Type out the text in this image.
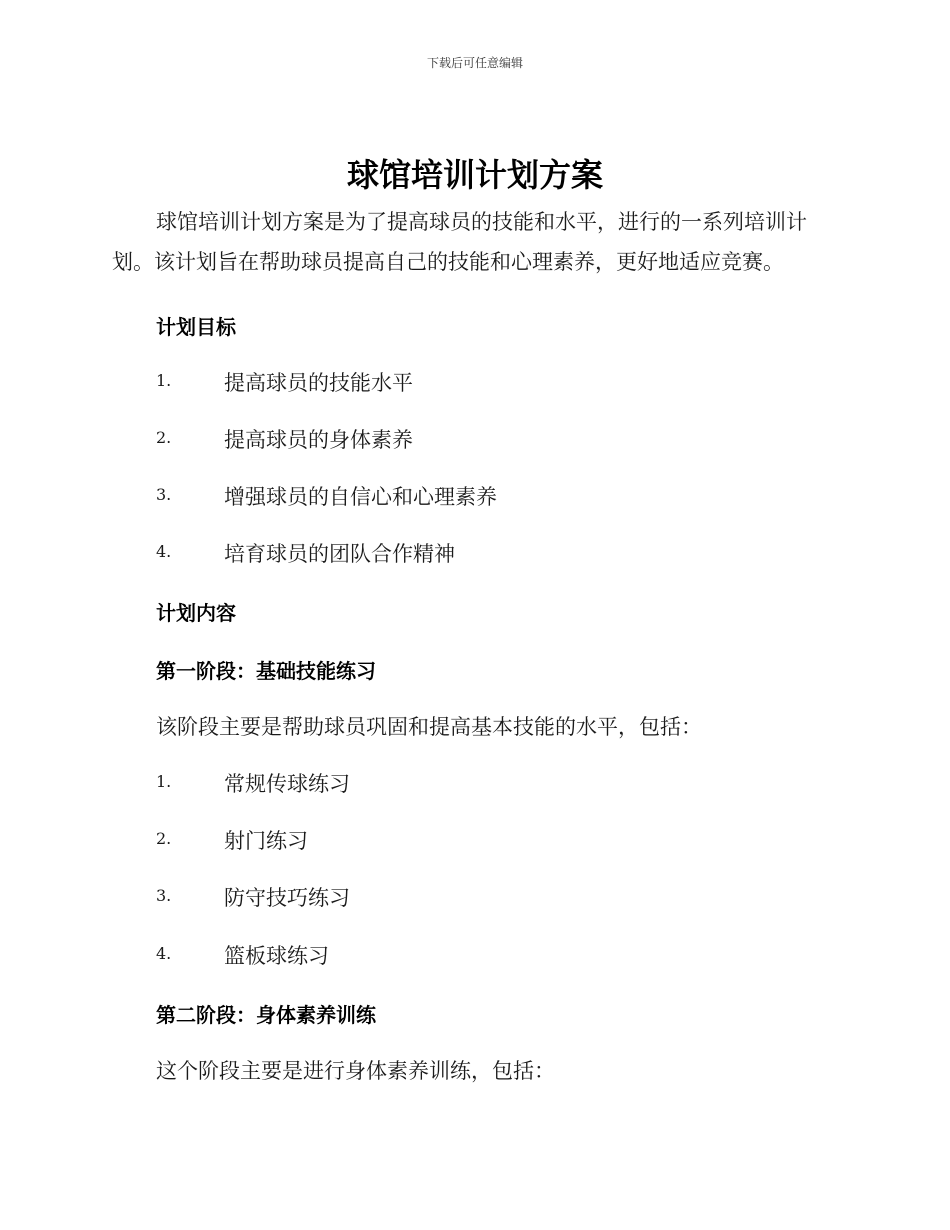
下载后可任意编辑
球馆培训计划方案
球馆培训计划方案是为了提高球员的技能和水平，进行的一系列培训计划。该计划旨在帮助球员提高自己的技能和心理素养，更好地适应竞赛。
计划目标
1.	提高球员的技能水平
2.	提高球员的身体素养
3.	增强球员的自信心和心理素养
4.	培育球员的团队合作精神
计划内容
第一阶段：基础技能练习
该阶段主要是帮助球员巩固和提高基本技能的水平，包括：
1.	常规传球练习
2.	射门练习
3.	防守技巧练习
4.	篮板球练习
第二阶段：身体素养训练
这个阶段主要是进行身体素养训练，包括：
